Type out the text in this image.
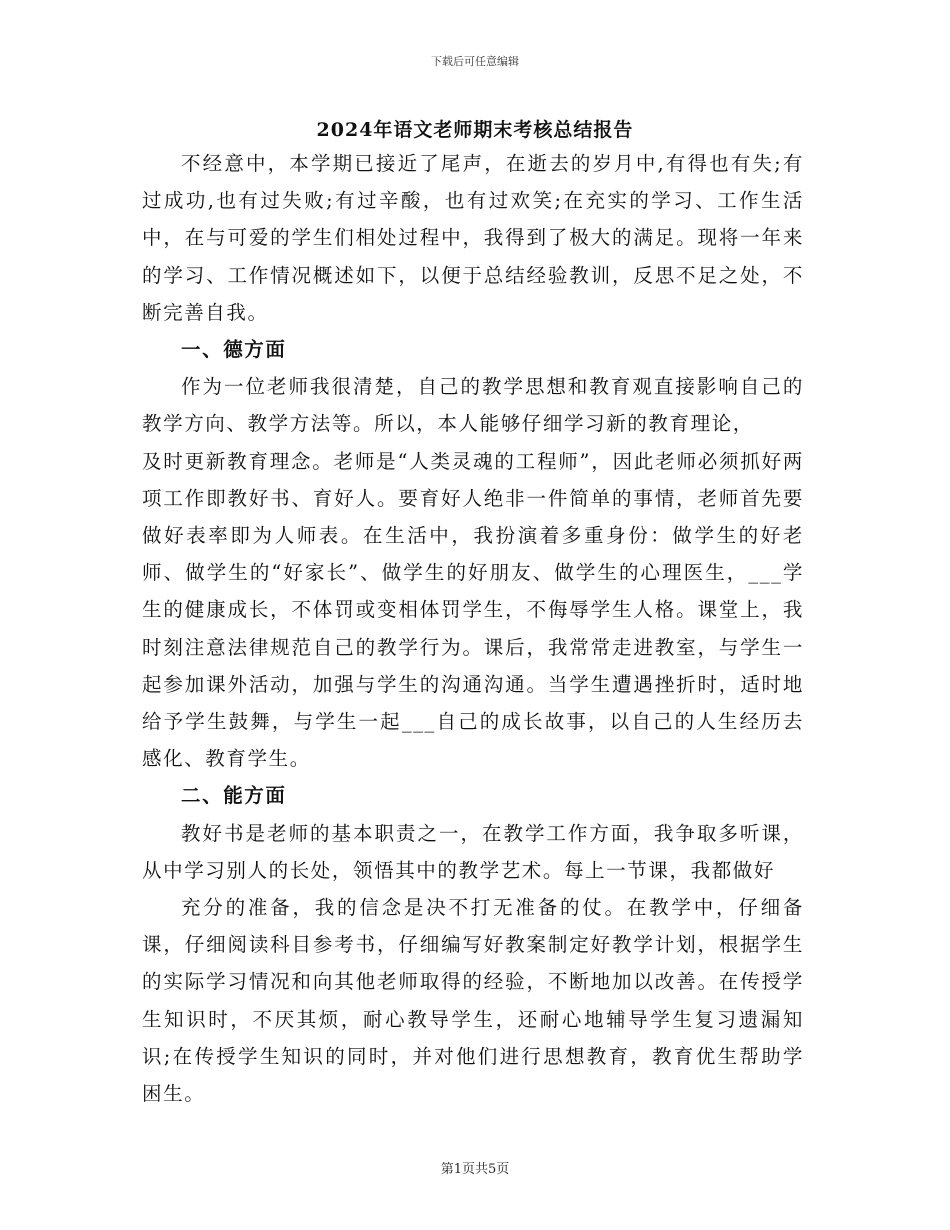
下载后可任意编辑
2024年语文老师期末考核总结报告

不经意中，本学期已接近了尾声，在逝去的岁月中,有得也有失;有过成功,也有过失败;有过辛酸，也有过欢笑;在充实的学习、工作生活中，在与可爱的学生们相处过程中，我得到了极大的满足。现将一年来的学习、工作情况概述如下，以便于总结经验教训，反思不足之处，不断完善自我。

一、德方面

作为一位老师我很清楚，自己的教学思想和教育观直接影响自己的教学方向、教学方法等。所以，本人能够仔细学习新的教育理论，

及时更新教育理念。老师是“人类灵魂的工程师”，因此老师必须抓好两项工作即教好书、育好人。要育好人绝非一件简单的事情，老师首先要做好表率即为人师表。在生活中，我扮演着多重身份：做学生的好老师、做学生的“好家长”、做学生的好朋友、做学生的心理医生，___学生的健康成长，不体罚或变相体罚学生，不侮辱学生人格。课堂上，我时刻注意法律规范自己的教学行为。课后，我常常走进教室，与学生一起参加课外活动，加强与学生的沟通沟通。当学生遭遇挫折时，适时地给予学生鼓舞，与学生一起___自己的成长故事，以自己的人生经历去感化、教育学生。

二、能方面

教好书是老师的基本职责之一，在教学工作方面，我争取多听课，从中学习别人的长处，领悟其中的教学艺术。每上一节课，我都做好

充分的准备，我的信念是决不打无准备的仗。在教学中，仔细备课，仔细阅读科目参考书，仔细编写好教案制定好教学计划，根据学生的实际学习情况和向其他老师取得的经验，不断地加以改善。在传授学生知识时，不厌其烦，耐心教导学生，还耐心地辅导学生复习遗漏知识;在传授学生知识的同时，并对他们进行思想教育，教育优生帮助学困生。

第1页共5页
